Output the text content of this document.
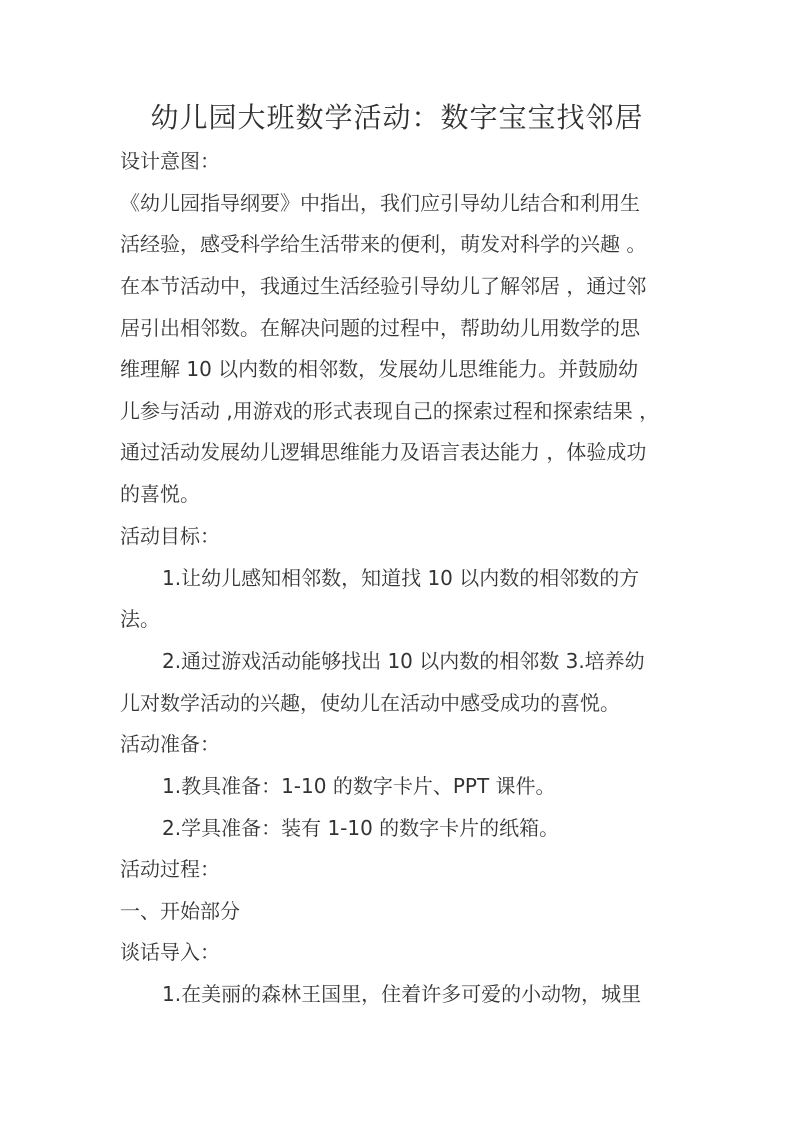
幼儿园大班数学活动：数字宝宝找邻居
设计意图：
《幼儿园指导纲要》中指出，我们应引导幼儿结合和利用生
活经验，感受科学给生活带来的便利，萌发对科学的兴趣 。
在本节活动中，我通过生活经验引导幼儿了解邻居 ，通过邻
居引出相邻数。在解决问题的过程中，帮助幼儿用数学的思
维理解 10 以内数的相邻数，发展幼儿思维能力。并鼓励幼
儿参与活动 ,用游戏的形式表现自己的探索过程和探索结果 ，
通过活动发展幼儿逻辑思维能力及语言表达能力 ，体验成功
的喜悦。
活动目标：
1.让幼儿感知相邻数，知道找 10 以内数的相邻数的方
法。
2.通过游戏活动能够找出 10 以内数的相邻数 3.培养幼
儿对数学活动的兴趣，使幼儿在活动中感受成功的喜悦。
活动准备：
1.教具准备：1-10 的数字卡片、PPT 课件。
2.学具准备：装有 1-10 的数字卡片的纸箱。
活动过程：
一、开始部分
谈话导入：
1.在美丽的森林王国里，住着许多可爱的小动物，城里
